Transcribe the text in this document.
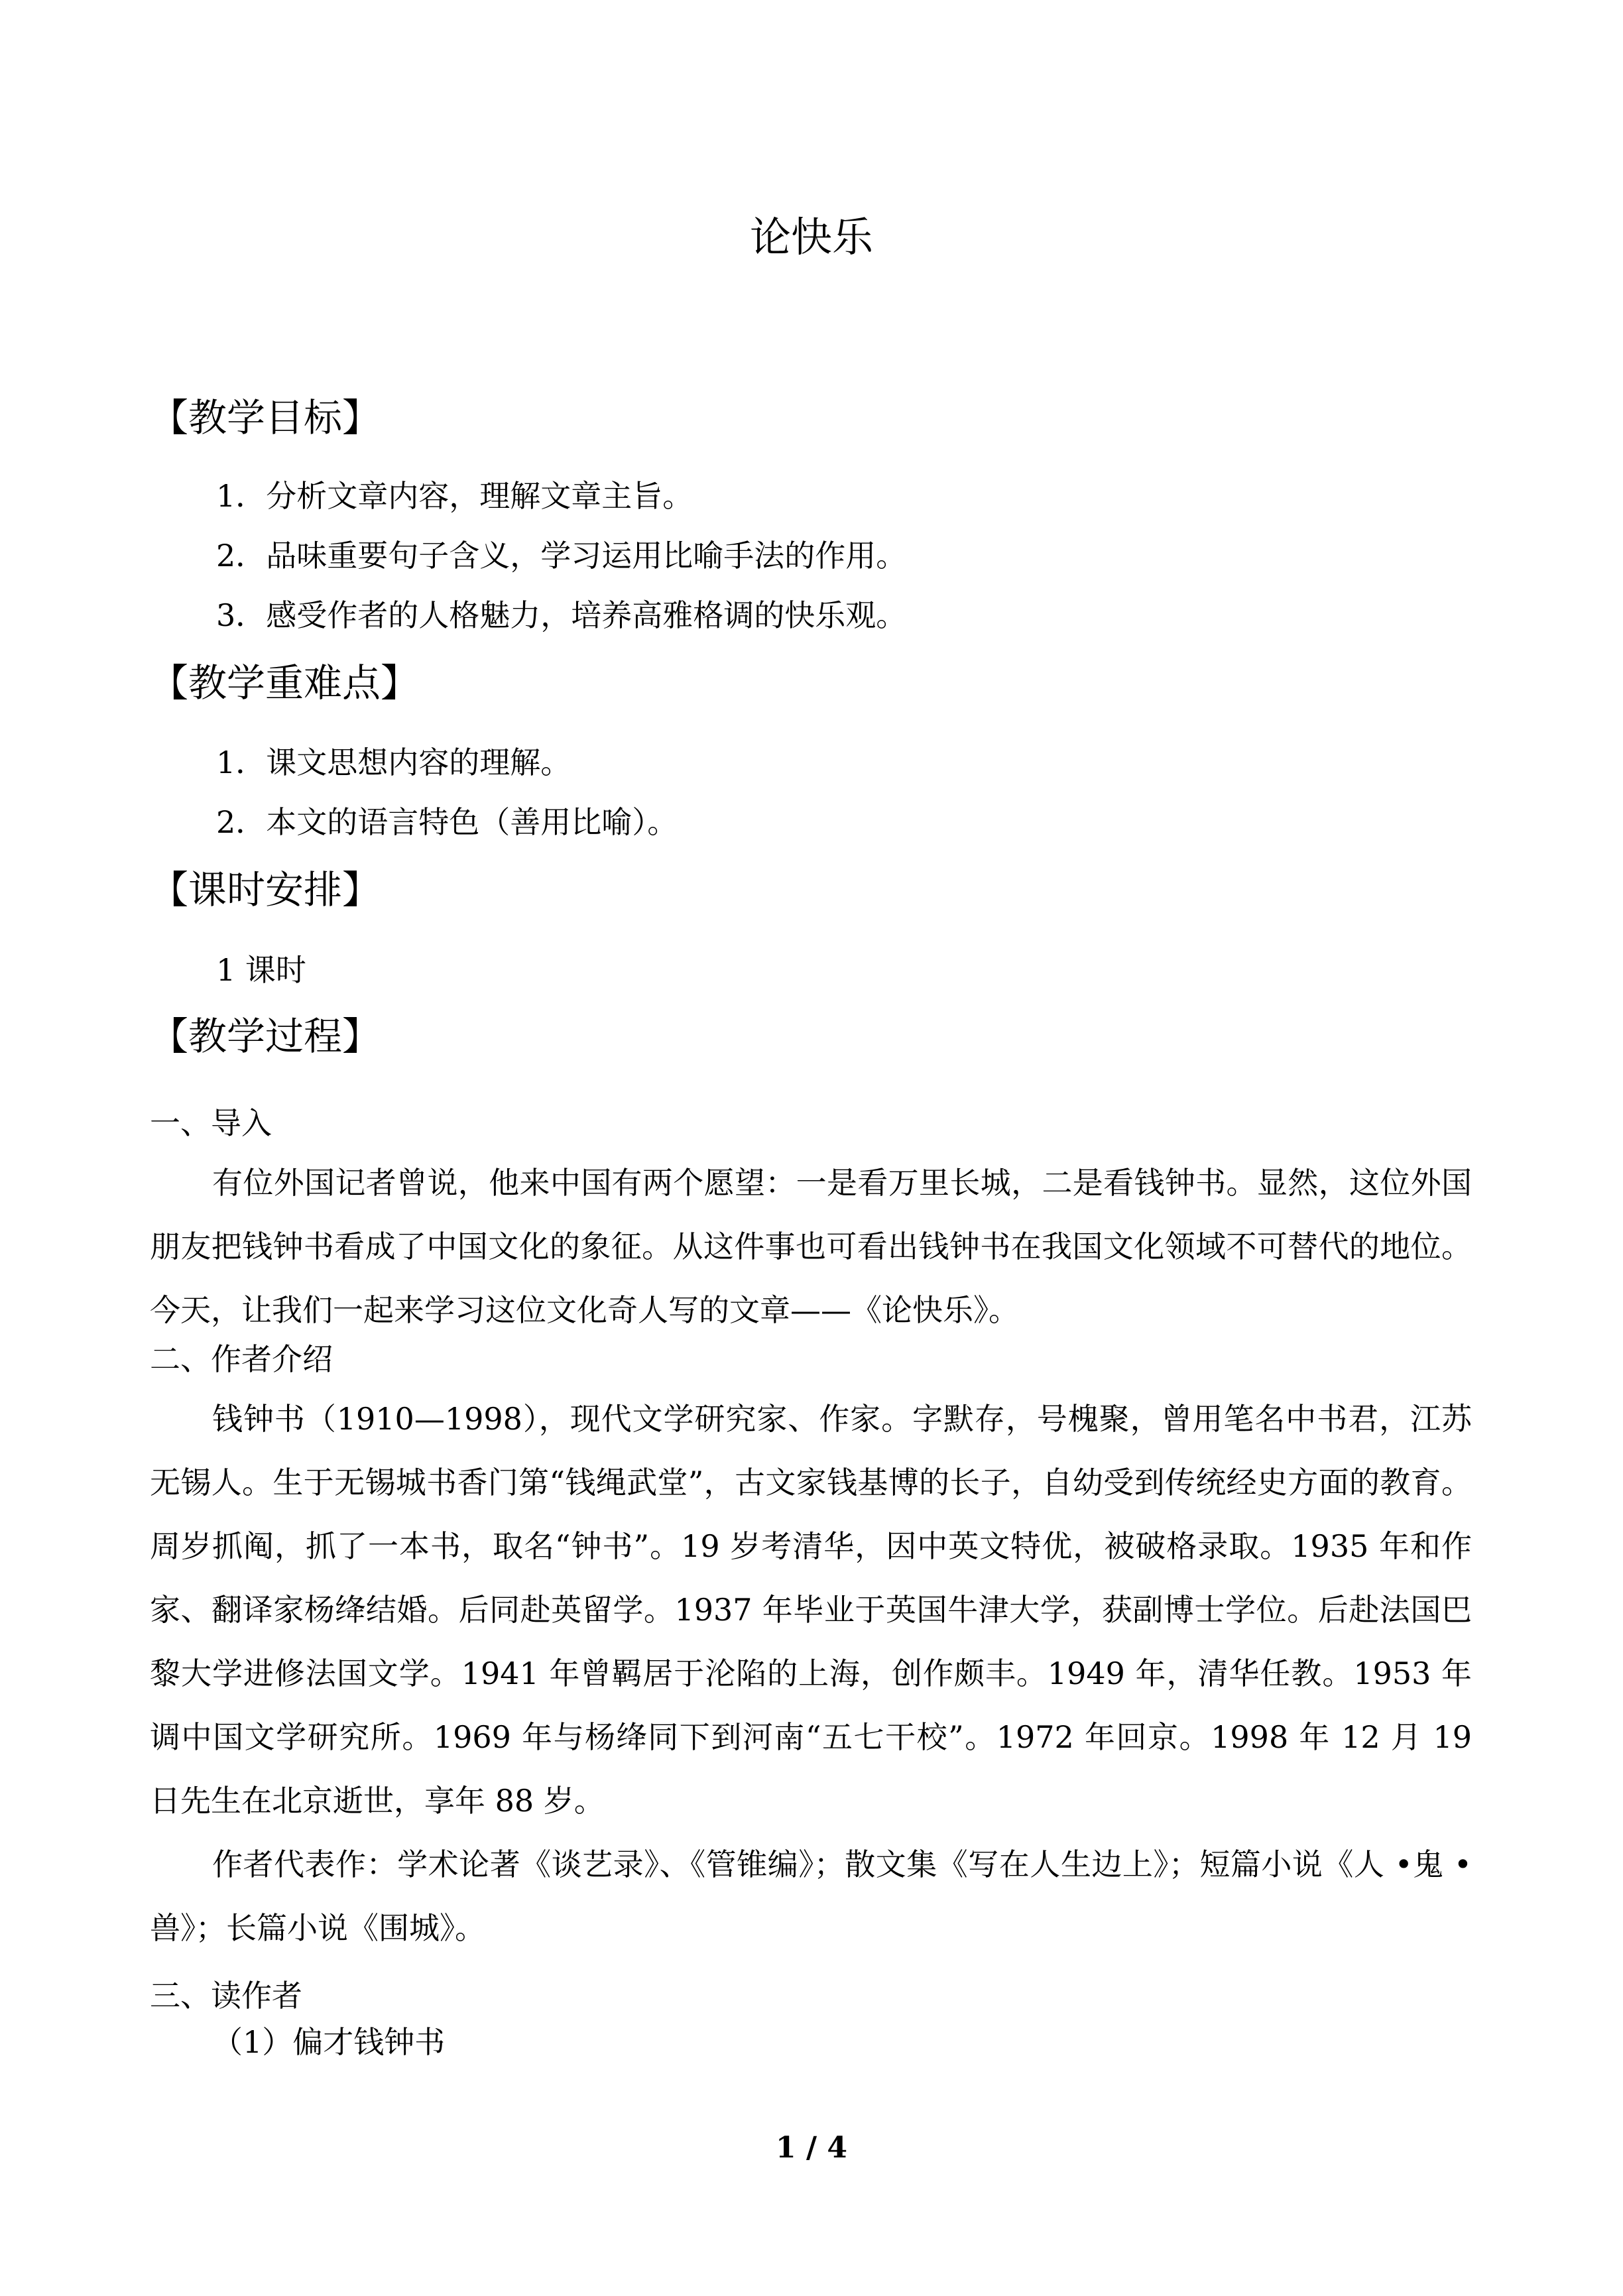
论快乐
【教学目标】
1．分析文章内容，理解文章主旨。
2．品味重要句子含义，学习运用比喻手法的作用。
3．感受作者的人格魅力，培养高雅格调的快乐观。
【教学重难点】
1．课文思想内容的理解。
2．本文的语言特色（善用比喻）。
【课时安排】
1 课时
【教学过程】
一、导入

有位外国记者曾说，他来中国有两个愿望：一是看万里长城，二是看钱钟书。显然，这位外国朋友把钱钟书看成了中国文化的象征。从这件事也可看出钱钟书在我国文化领域不可替代的地位。今天，让我们一起来学习这位文化奇人写的文章——《论快乐》。

二、作者介绍

钱钟书（1910—1998），现代文学研究家、作家。字默存，号槐聚，曾用笔名中书君，江苏无锡人。生于无锡城书香门第“钱绳武堂”，古文家钱基博的长子，自幼受到传统经史方面的教育。周岁抓阄，抓了一本书，取名“钟书”。19 岁考清华，因中英文特优，被破格录取。1935 年和作家、翻译家杨绛结婚。后同赴英留学。1937 年毕业于英国牛津大学，获副博士学位。后赴法国巴黎大学进修法国文学。1941 年曾羁居于沦陷的上海，创作颇丰。1949 年，清华任教。1953 年调中国文学研究所。1969 年与杨绛同下到河南“五七干校”。1972 年回京。1998 年 12 月 19 日先生在北京逝世，享年 88 岁。

作者代表作：学术论著《谈艺录》、《管锥编》；散文集《写在人生边上》；短篇小说《人 •鬼 •兽》；长篇小说《围城》。

三、读作者
（1）偏才钱钟书
1 / 4
